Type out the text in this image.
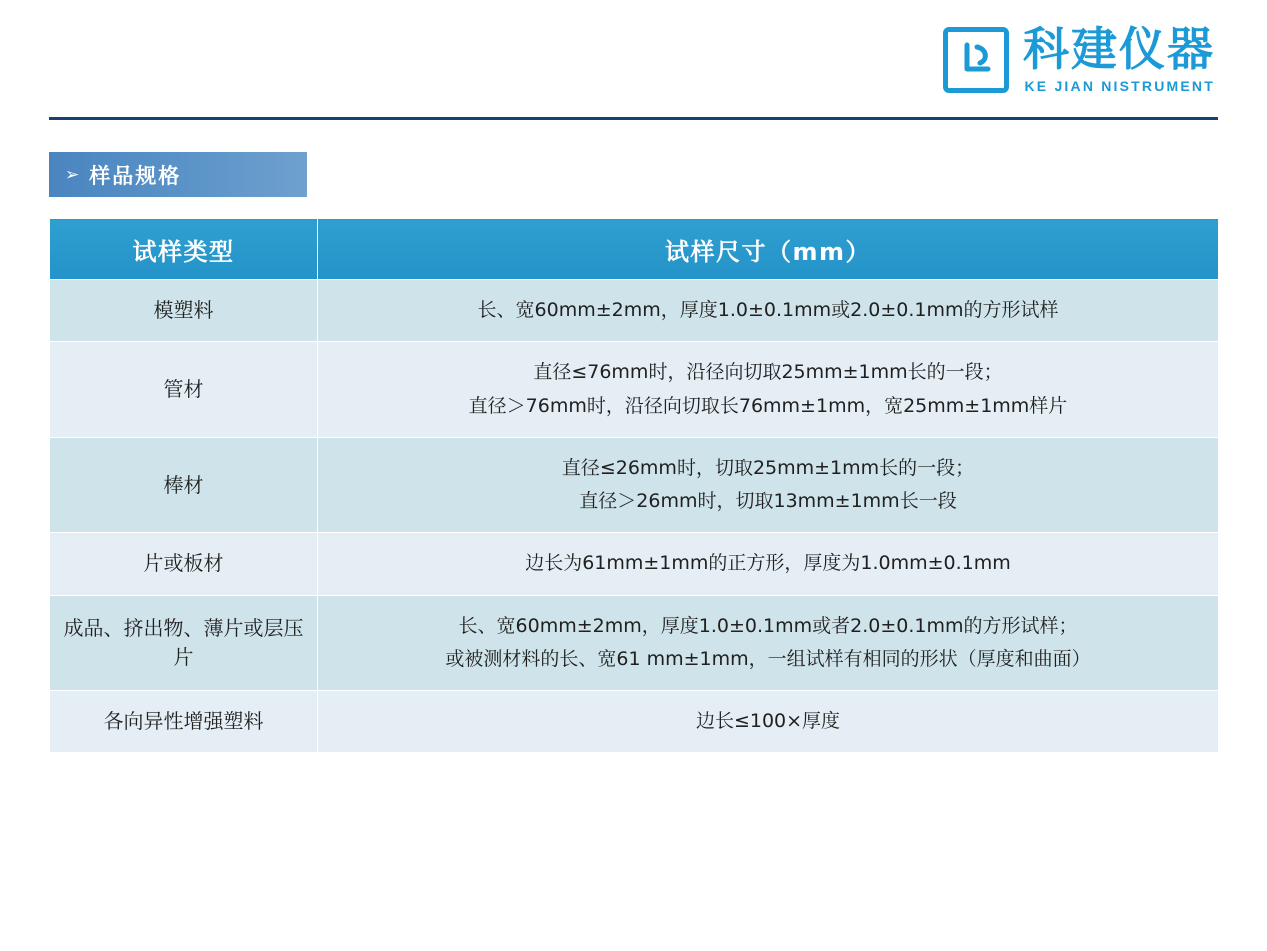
科建仪器
KE JIAN NISTRUMENT
➢ 样品规格
试样类型	试样尺寸（mm）
模塑料	长、宽60mm±2mm，厚度1.0±0.1mm或2.0±0.1mm的方形试样

管材	直径≤76mm时，沿径向切取25mm±1mm长的一段；
直径＞76mm时，沿径向切取长76mm±1mm，宽25mm±1mm样片

棒材	直径≤26mm时，切取25mm±1mm长的一段；
直径＞26mm时，切取13mm±1mm长一段

片或板材	边长为61mm±1mm的正方形，厚度为1.0mm±0.1mm

成品、挤出物、薄片或层压片	长、宽60mm±2mm，厚度1.0±0.1mm或者2.0±0.1mm的方形试样；
或被测材料的长、宽61 mm±1mm，一组试样有相同的形状（厚度和曲面）

各向异性增强塑料	边长≤100×厚度
